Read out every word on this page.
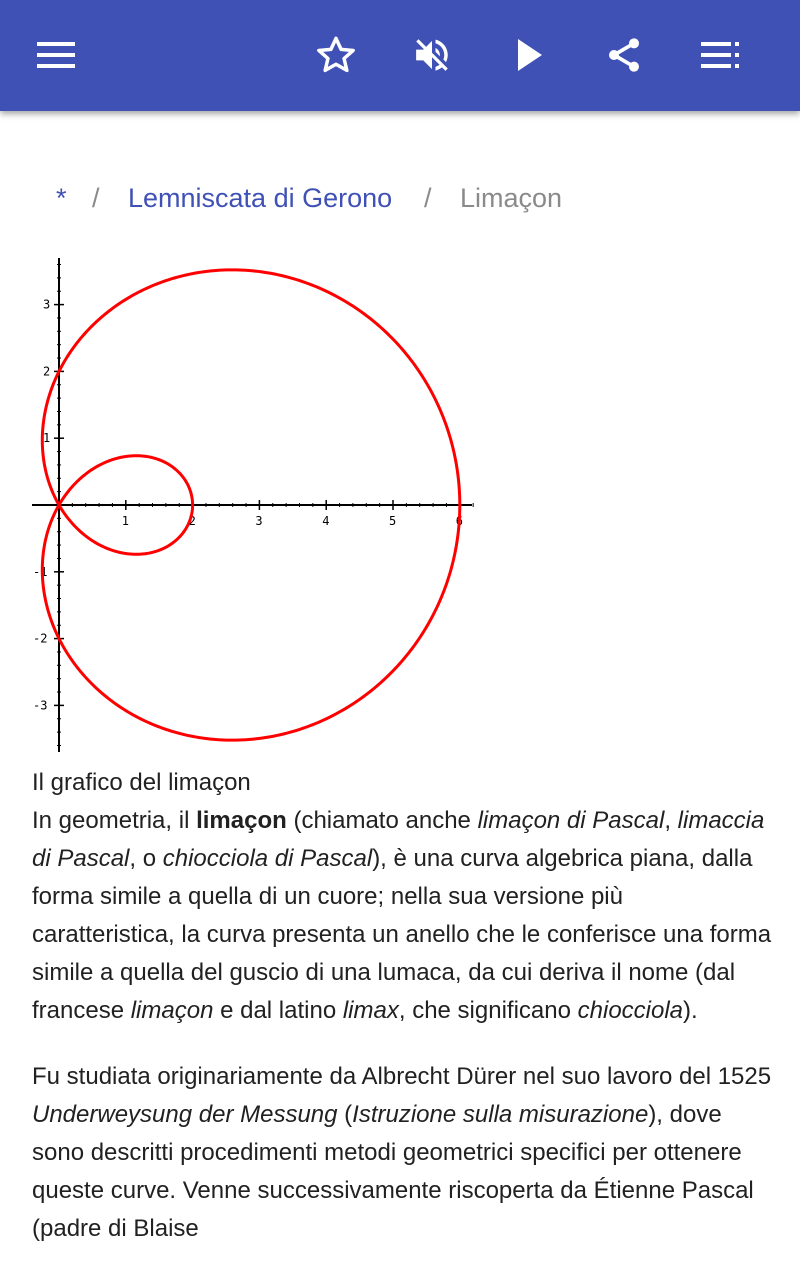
* / Lemniscata di Gerono / Limaçon
1	2	3	4	5	6
3
2
1
-1
-2
-3

Il grafico del limaçon

In geometria, il limaçon (chiamato anche limaçon di Pascal, limaccia di Pascal, o chiocciola di Pascal), è una curva algebrica piana, dalla forma simile a quella di un cuore; nella sua versione più caratteristica, la curva presenta un anello che le conferisce una forma simile a quella del guscio di una lumaca, da cui deriva il nome (dal francese limaçon e dal latino limax, che significano chiocciola).

Fu studiata originariamente da Albrecht Dürer nel suo lavoro del 1525 Underweysung der Messung (Istruzione sulla misurazione), dove sono descritti procedimenti metodi geometrici specifici per ottenere queste curve. Venne successivamente riscoperta da Étienne Pascal (padre di Blaise
